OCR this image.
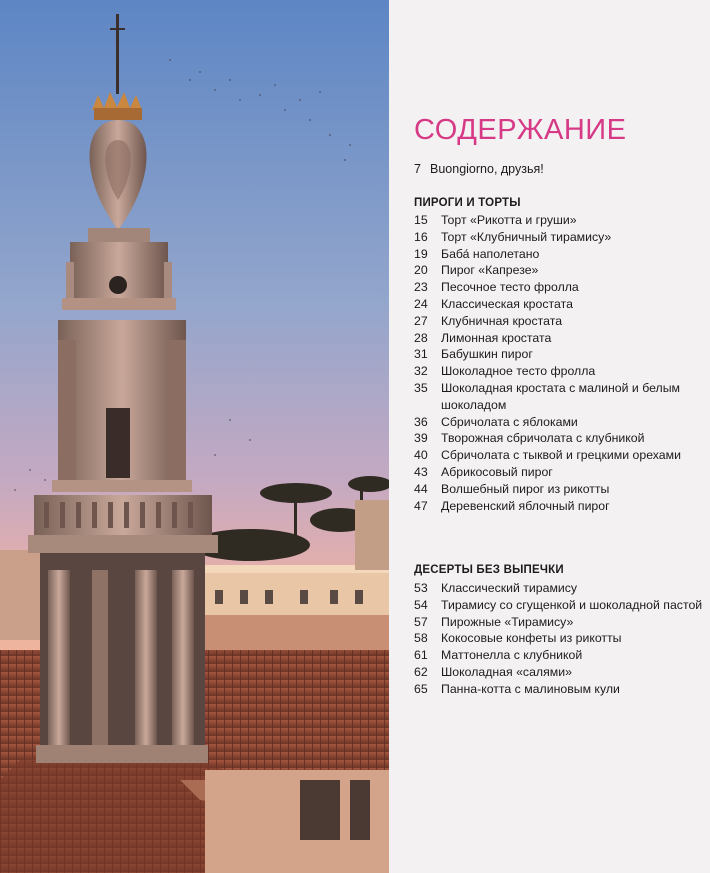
СОДЕРЖАНИЕ
7 Buongiorno, друзья!
ПИРОГИ И ТОРТЫ
15	Торт «Рикотта и груши»
16	Торт «Клубничный тирамису»
19	Баба́ наполетано
20	Пирог «Капрезе»
23	Песочное тесто фролла
24	Классическая кростата
27	Клубничная кростата
28	Лимонная кростата
31	Бабушкин пирог
32	Шоколадное тесто фролла
35	Шоколадная кростата с малиной и белым шоколадом
36	Сбричолата с яблоками
39	Творожная сбричолата с клубникой
40	Сбричолата с тыквой и грецкими орехами
43	Абрикосовый пирог
44	Волшебный пирог из рикотты
47	Деревенский яблочный пирог
ДЕСЕРТЫ БЕЗ ВЫПЕЧКИ
53	Классический тирамису
54	Тирамису со сгущенкой и шоколадной пастой
57	Пирожные «Тирамису»
58	Кокосовые конфеты из рикотты
61	Маттонелла с клубникой
62	Шоколадная «салями»
65	Панна-котта с малиновым кули
